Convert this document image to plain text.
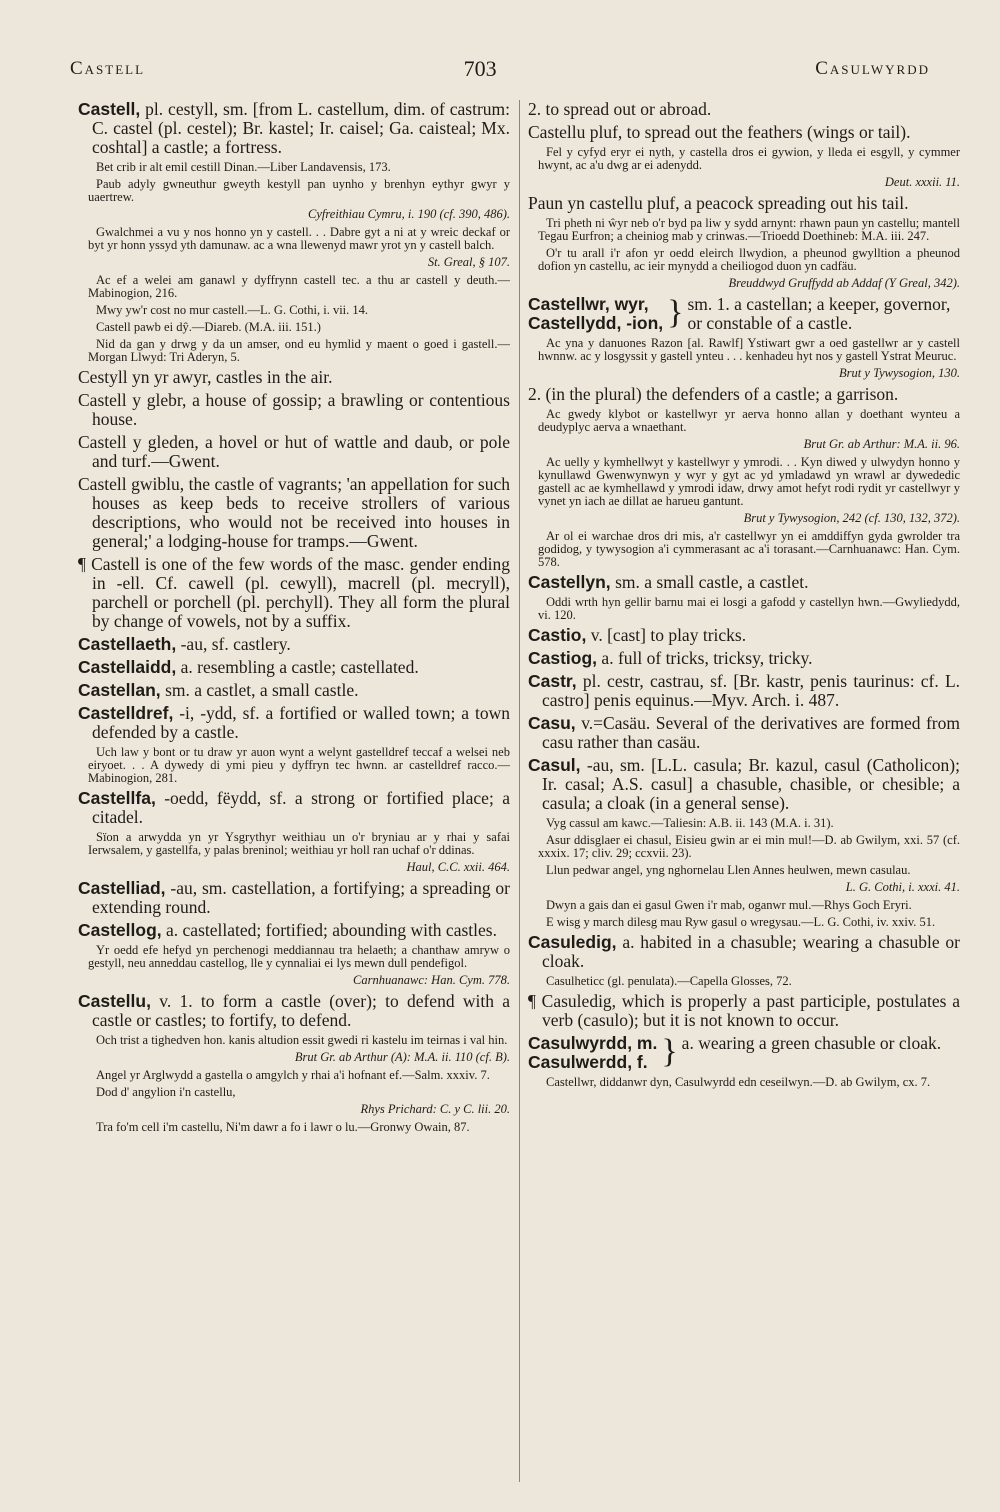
Castell	703	Casulwyrdd
Castell, pl. cestyll, sm. [from L. castellum, dim. of castrum: C. castel (pl. cestel); Br. kastel; Ir. caisel; Ga. caisteal; Mx. coshtal] a castle; a fortress.
Bet crib ir alt emil cestill Dinan.—Liber Landavensis, 173.
Paub adyly gwneuthur gweyth kestyll pan uynho y brenhyn eythyr gwyr y uaertrew.
Cyfreithiau Cymru, i. 190 (cf. 390, 486).
Gwalchmei a vu y nos honno yn y castell. . . Dabre gyt a ni at y wreic deckaf or byt yr honn yssyd yth damunaw. ac a wna llewenyd mawr yrot yn y castell balch.
St. Greal, § 107.
Ac ef a welei am ganawl y dyffrynn castell tec. a thu ar castell y deuth.—Mabinogion, 216.
Mwy yw'r cost no mur castell.—L. G. Cothi, i. vii. 14.
Castell pawb ei dŷ.—Diareb. (M.A. iii. 151.)
Nid da gan y drwg y da un amser, ond eu hymlid y maent o goed i gastell.—Morgan Llwyd: Tri Aderyn, 5.
Cestyll yn yr awyr, castles in the air.
Castell y glebr, a house of gossip; a brawling or contentious house.
Castell y gleden, a hovel or hut of wattle and daub, or pole and turf.—Gwent.
Castell gwiblu, the castle of vagrants; 'an appellation for such houses as keep beds to receive strollers of various descriptions, who would not be received into houses in general;' a lodging-house for tramps.—Gwent.
¶ Castell is one of the few words of the masc. gender ending in -ell. Cf. cawell (pl. cewyll), macrell (pl. mecryll), parchell or porchell (pl. perchyll). They all form the plural by change of vowels, not by a suffix.
Castellaeth, -au, sf. castlery.
Castellaidd, a. resembling a castle; castellated.
Castellan, sm. a castlet, a small castle.
Castelldref, -i, -ydd, sf. a fortified or walled town; a town defended by a castle.
Uch law y bont or tu draw yr auon wynt a welynt gastelldref teccaf a welsei neb eiryoet. . . A dywedy di ymi pieu y dyffryn tec hwnn. ar castelldref racco.—Mabinogion, 281.
Castellfa, -oedd, fëydd, sf. a strong or fortified place; a citadel.
Sïon a arwydda yn yr Ysgrythyr weithiau un o'r bryniau ar y rhai y safai Ierwsalem, y gastellfa, y palas breninol; weithiau yr holl ran uchaf o'r ddinas.
Haul, C.C. xxii. 464.
Castelliad, -au, sm. castellation, a fortifying; a spreading or extending round.
Castellog, a. castellated; fortified; abounding with castles.
Yr oedd efe hefyd yn perchenogi meddiannau tra helaeth; a chanthaw amryw o gestyll, neu anneddau castellog, lle y cynnaliai ei lys mewn dull pendefigol.
Carnhuanawc: Han. Cym. 778.
Castellu, v. 1. to form a castle (over); to defend with a castle or castles; to fortify, to defend.
Och trist a tighedven hon. kanis altudion essit gwedi ri kastelu im teirnas i val hin.
Brut Gr. ab Arthur (A): M.A. ii. 110 (cf. B).
Angel yr Arglwydd a gastella o amgylch y rhai a'i hofnant ef.—Salm. xxxiv. 7.
Dod d' angylion i'n castellu,
Rhys Prichard: C. y C. lii. 20.
Tra fo'm cell i'm castellu, Ni'm dawr a fo i lawr o lu.—Gronwy Owain, 87.
2. to spread out or abroad.
Castellu pluf, to spread out the feathers (wings or tail).
Fel y cyfyd eryr ei nyth, y castella dros ei gywion, y lleda ei esgyll, y cymmer hwynt, ac a'u dwg ar ei adenydd.
Deut. xxxii. 11.
Paun yn castellu pluf, a peacock spreading out his tail.
Tri pheth ni ŵyr neb o'r byd pa liw y sydd arnynt: rhawn paun yn castellu; mantell Tegau Eurfron; a cheiniog mab y crinwas.—Trioedd Doethineb: M.A. iii. 247.
O'r tu arall i'r afon yr oedd eleirch llwydion, a pheunod gwylltion a pheunod dofion yn castellu, ac ieir mynydd a cheiliogod duon yn cadfäu.
Breuddwyd Gruffydd ab Addaf (Y Greal, 342).
Castellwr, wyr,
Castellydd, -ion, } sm. 1. a castellan; a keeper, governor, or constable of a castle.
Ac yna y danuones Razon [al. Rawlf] Ystiwart gwr a oed gastellwr ar y castell hwnnw. ac y losgyssit y gastell ynteu . . . kenhadeu hyt nos y gastell Ystrat Meuruc.
Brut y Tywysogion, 130.
2. (in the plural) the defenders of a castle; a garrison.
Ac gwedy klybot or kastellwyr yr aerva honno allan y doethant wynteu a deudyplyc aerva a wnaethant.
Brut Gr. ab Arthur: M.A. ii. 96.
Ac uelly y kymhellwyt y kastellwyr y ymrodi. . . Kyn diwed y ulwydyn honno y kynullawd Gwenwynwyn y wyr y gyt ac yd ymladawd yn wrawl ar dywededic gastell ac ae kymhellawd y ymrodi idaw, drwy amot hefyt rodi rydit yr castellwyr y vynet yn iach ae dillat ae harueu gantunt.
Brut y Tywysogion, 242 (cf. 130, 132, 372).
Ar ol ei warchae dros dri mis, a'r castellwyr yn ei amddiffyn gyda gwrolder tra godidog, y tywysogion a'i cymmerasant ac a'i torasant.—Carnhuanawc: Han. Cym. 578.
Castellyn, sm. a small castle, a castlet.
Oddi wrth hyn gellir barnu mai ei losgi a gafodd y castellyn hwn.—Gwyliedydd, vi. 120.
Castio, v. [cast] to play tricks.
Castiog, a. full of tricks, tricksy, tricky.
Castr, pl. cestr, castrau, sf. [Br. kastr, penis taurinus: cf. L. castro] penis equinus.—Myv. Arch. i. 487.
Casu, v.=Casäu. Several of the derivatives are formed from casu rather than casäu.
Casul, -au, sm. [L.L. casula; Br. kazul, casul (Catholicon); Ir. casal; A.S. casul] a chasuble, chasible, or chesible; a casula; a cloak (in a general sense).
Vyg cassul am kawc.—Taliesin: A.B. ii. 143 (M.A. i. 31).
Asur ddisglaer ei chasul, Eisieu gwin ar ei min mul!—D. ab Gwilym, xxi. 57 (cf. xxxix. 17; cliv. 29; ccxvii. 23).
Llun pedwar angel, yng nghornelau Llen Annes heulwen, mewn casulau.
L. G. Cothi, i. xxxi. 41.
Dwyn a gais dan ei gasul Gwen i'r mab, oganwr mul.—Rhys Goch Eryri.
E wisg y march dilesg mau Ryw gasul o wregysau.—L. G. Cothi, iv. xxiv. 51.
Casuledig, a. habited in a chasuble; wearing a chasuble or cloak.
Casulheticc (gl. penulata).—Capella Glosses, 72.
¶ Casuledig, which is properly a past participle, postulates a verb (casulo); but it is not known to occur.
Casulwyrdd, m.
Casulwerdd, f. } a. wearing a green chasuble or cloak.
Castellwr, diddanwr dyn, Casulwyrdd edn ceseilwyn.—D. ab Gwilym, cx. 7.
